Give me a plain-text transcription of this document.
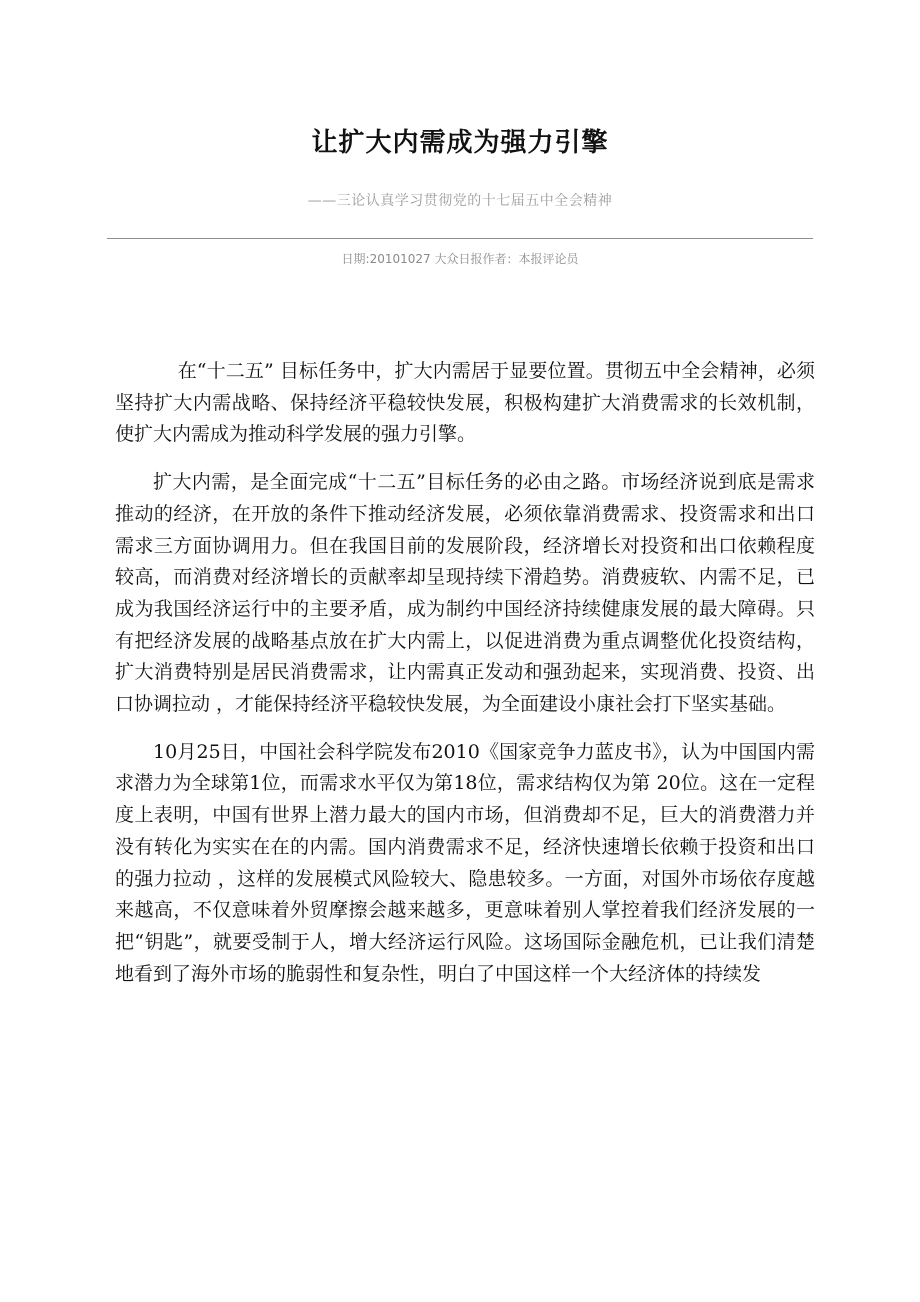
让扩大内需成为强力引擎
——三论认真学习贯彻党的十七届五中全会精神
日期:20101027 大众日报作者：本报评论员

在“十二五” 目标任务中，扩大内需居于显要位置。贯彻五中全会精神，必须坚持扩大内需战略、保持经济平稳较快发展，积极构建扩大消费需求的长效机制，使扩大内需成为推动科学发展的强力引擎。

扩大内需，是全面完成“十二五”目标任务的必由之路。市场经济说到底是需求推动的经济，在开放的条件下推动经济发展，必须依靠消费需求、投资需求和出口需求三方面协调用力。但在我国目前的发展阶段，经济增长对投资和出口依赖程度较高，而消费对经济增长的贡献率却呈现持续下滑趋势。消费疲软、内需不足，已成为我国经济运行中的主要矛盾，成为制约中国经济持续健康发展的最大障碍。只有把经济发展的战略基点放在扩大内需上，以促进消费为重点调整优化投资结构，扩大消费特别是居民消费需求，让内需真正发动和强劲起来，实现消费、投资、出口协调拉动 ，才能保持经济平稳较快发展，为全面建设小康社会打下坚实基础。

10月25日，中国社会科学院发布2010《国家竞争力蓝皮书》，认为中国国内需求潜力为全球第1位，而需求水平仅为第18位，需求结构仅为第 20位。这在一定程度上表明，中国有世界上潜力最大的国内市场，但消费却不足，巨大的消费潜力并没有转化为实实在在的内需。国内消费需求不足，经济快速增长依赖于投资和出口的强力拉动 ，这样的发展模式风险较大、隐患较多。一方面，对国外市场依存度越来越高，不仅意味着外贸摩擦会越来越多，更意味着别人掌控着我们经济发展的一把“钥匙”，就要受制于人，增大经济运行风险。这场国际金融危机，已让我们清楚地看到了海外市场的脆弱性和复杂性，明白了中国这样一个大经济体的持续发
